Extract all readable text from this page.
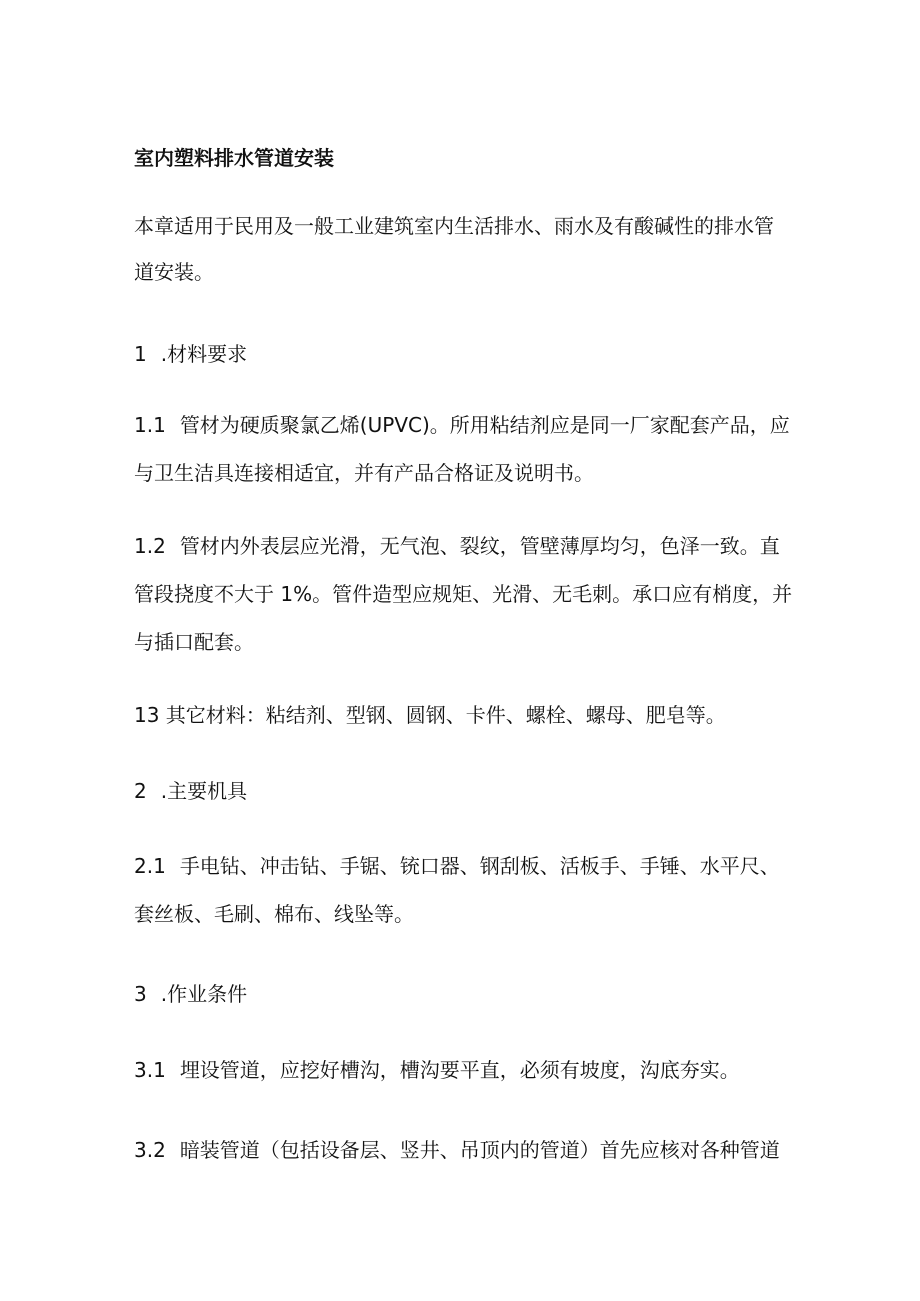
室内塑料排水管道安装
本章适用于民用及一般工业建筑室内生活排水、雨水及有酸碱性的排水管
道安装。
1 .材料要求
1.1 管材为硬质聚氯乙烯(UPVC)。所用粘结剂应是同一厂家配套产品，应
与卫生洁具连接相适宜，并有产品合格证及说明书。
1.2 管材内外表层应光滑，无气泡、裂纹，管壁薄厚均匀，色泽一致。直
管段挠度不大于 1%。管件造型应规矩、光滑、无毛刺。承口应有梢度，并
与插口配套。
13 其它材料：粘结剂、型钢、圆钢、卡件、螺栓、螺母、肥皂等。
2 .主要机具
2.1 手电钻、冲击钻、手锯、铳口器、钢刮板、活板手、手锤、水平尺、
套丝板、毛刷、棉布、线坠等。
3 .作业条件
3.1 埋设管道，应挖好槽沟，槽沟要平直，必须有坡度，沟底夯实。
3.2 暗装管道（包括设备层、竖井、吊顶内的管道）首先应核对各种管道
